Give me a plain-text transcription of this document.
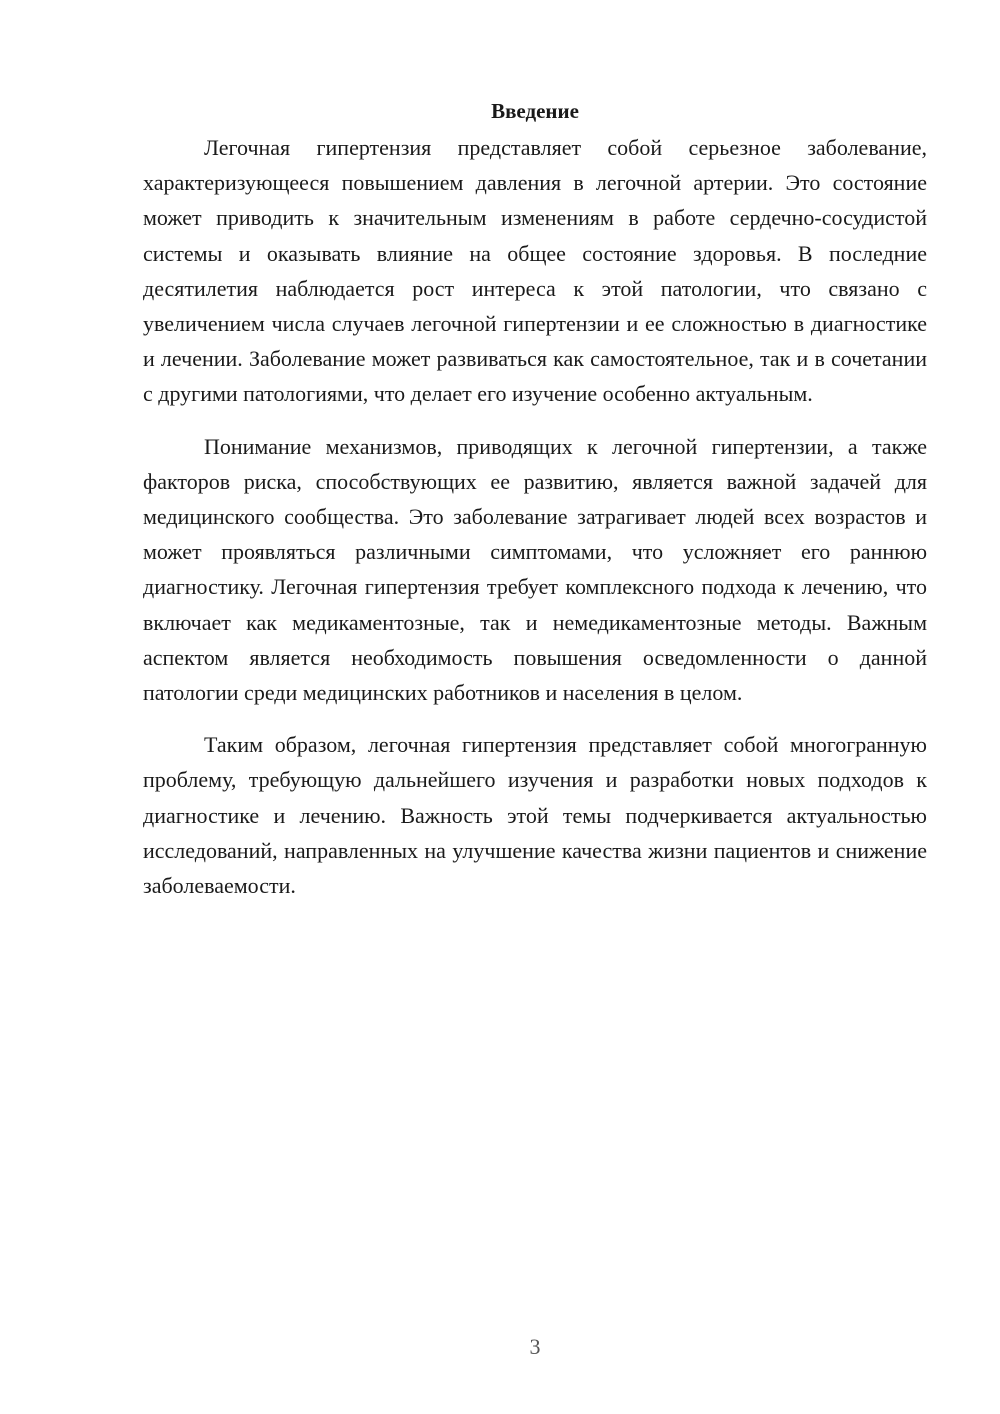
Введение

Легочная гипертензия представляет собой серьезное заболевание, характеризующееся повышением давления в легочной артерии. Это состояние может приводить к значительным изменениям в работе сердечно-сосудистой системы и оказывать влияние на общее состояние здоровья. В последние десятилетия наблюдается рост интереса к этой патологии, что связано с увеличением числа случаев легочной гипертензии и ее сложностью в диагностике и лечении. Заболевание может развиваться как самостоятельное, так и в сочетании с другими патологиями, что делает его изучение особенно актуальным.

Понимание механизмов, приводящих к легочной гипертензии, а также факторов риска, способствующих ее развитию, является важной задачей для медицинского сообщества. Это заболевание затрагивает людей всех возрастов и может проявляться различными симптомами, что усложняет его раннюю диагностику. Легочная гипертензия требует комплексного подхода к лечению, что включает как медикаментозные, так и немедикаментозные методы. Важным аспектом является необходимость повышения осведомленности о данной патологии среди медицинских работников и населения в целом.

Таким образом, легочная гипертензия представляет собой многогранную проблему, требующую дальнейшего изучения и разработки новых подходов к диагностике и лечению. Важность этой темы подчеркивается актуальностью исследований, направленных на улучшение качества жизни пациентов и снижение заболеваемости.

3
